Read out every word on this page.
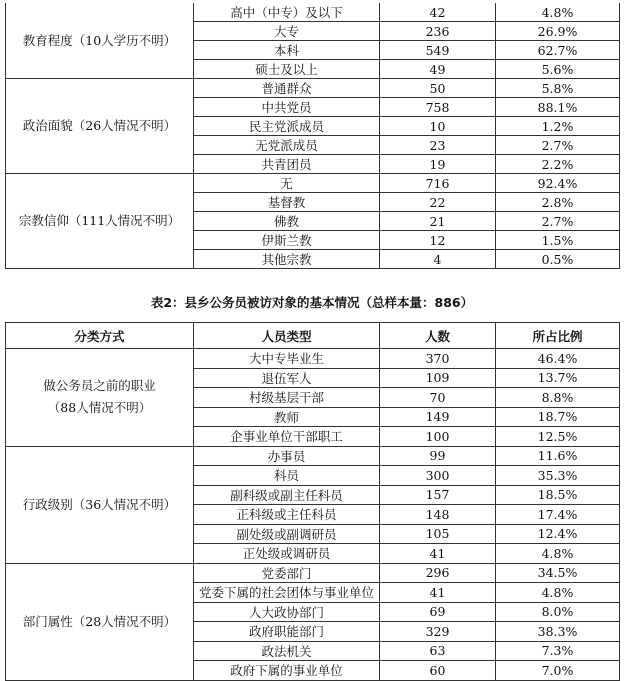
教育程度（10人学历不明）	高中（中专）及以下	42	4.8%
	大专	236	26.9%
	本科	549	62.7%
	硕士及以上	49	5.6%
政治面貌（26人情况不明）	普通群众	50	5.8%
	中共党员	758	88.1%
	民主党派成员	10	1.2%
	无党派成员	23	2.7%
	共青团员	19	2.2%
宗教信仰（111人情况不明）	无	716	92.4%
	基督教	22	2.8%
	佛教	21	2.7%
	伊斯兰教	12	1.5%
	其他宗教	4	0.5%
表2：县乡公务员被访对象的基本情况（总样本量：886）
分类方式	人员类型	人数	所占比例

做公务员之前的职业
（88人情况不明）	大中专毕业生	370	46.4%
	退伍军人	109	13.7%
	村级基层干部	70	8.8%
	教师	149	18.7%
	企事业单位干部职工	100	12.5%

行政级别（36人情况不明）	办事员	99	11.6%
	科员	300	35.3%
	副科级或副主任科员	157	18.5%
	正科级或主任科员	148	17.4%
	副处级或副调研员	105	12.4%
	正处级或调研员	41	4.8%

部门属性（28人情况不明）	党委部门	296	34.5%
	党委下属的社会团体与事业单位	41	4.8%
	人大政协部门	69	8.0%
	政府职能部门	329	38.3%
	政法机关	63	7.3%
	政府下属的事业单位	60	7.0%
